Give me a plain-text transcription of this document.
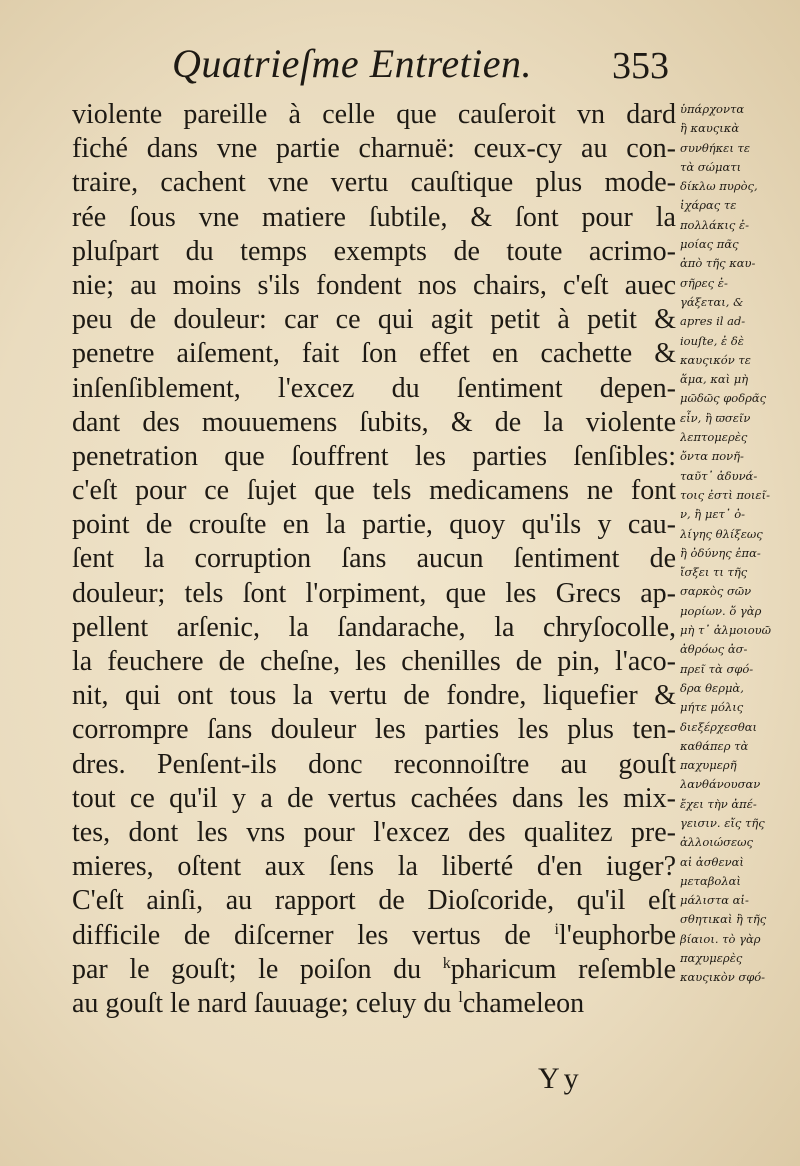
Quatrieſme Entretien. 353
violente pareille à celle que cauſeroit vn dard
fiché dans vne partie charnuë: ceux-cy au con-
traire, cachent vne vertu cauſtique plus mode-
rée ſous vne matiere ſubtile, & ſont pour la
pluſpart du temps exempts de toute acrimo-
nie; au moins s'ils fondent nos chairs, c'eſt auec
peu de douleur: car ce qui agit petit à petit &
penetre aiſement, fait ſon effet en cachette &
inſenſiblement, l'excez du ſentiment depen-
dant des mouuemens ſubits, & de la violente
penetration que ſouffrent les parties ſenſibles:
c'eſt pour ce ſujet que tels medicamens ne font
point de crouſte en la partie, quoy qu'ils y cau-
ſent la corruption ſans aucun ſentiment de
douleur; tels ſont l'orpiment, que les Grecs ap-
pellent arſenic, la ſandarache, la chryſocolle,
la feuchere de cheſne, les chenilles de pin, l'aco-
nit, qui ont tous la vertu de fondre, liquefier &
corrompre ſans douleur les parties les plus ten-
dres. Penſent-ils donc reconnoiſtre au gouſt
tout ce qu'il y a de vertus cachées dans les mix-
tes, dont les vns pour l'excez des qualitez pre-
mieres, oſtent aux ſens la liberté d'en iuger?
C'eſt ainſi, au rapport de Dioſcoride, qu'il eſt
difficile de diſcerner les vertus de $^i$l'euphorbe
par le gouſt; le poiſon du $^k$pharicum reſemble
au gouſt le nard ſauuage; celuy du $^l$chameleon
ὑπάρχοντα
ἢ καυςικὰ
συνθήκει τε
τὰ σώματι
δίκλω πυρὸς,
ἰχάρας τε
πολλάκις ἐ-
μοίας πᾶς
ἀπὸ τῆς καυ-
σῆρες ἐ-
γάξεται, &
apres il ad-
iouſte, ἐ δὲ
καυςικόν τε
ἅμα, καὶ μὴ
μῶδῶς φοδρᾶς
εἶν, ἢ ϖσεῖν
λεπτομερὲς
ὄντα πονῆ-
ταῦτ᾽ ἀδυνά-
τοις ἐστὶ ποιεῖ-
ν, ἢ μετ᾽ ὀ-
λίγης θλίξεως
ἢ ὀδύνης ἐπα-
ἴσξει τι τῆς
σαρκὸς σῶν
μορίων. ὅ γὰρ
μὴ τ᾽ ἀλμοιουῶ
ἀθρόως ἀσ-
πρεῖ τὰ σφό-
δρα θερμὰ,
μήτε μόλις
διεξέρχεσθαι
καθάπερ τὰ
παχυμερῆ
λανθάνουσαν
ἔχει τὴν ἀπέ-
γεισιν. εἴς τῆς
ἀλλοιώσεως
αἱ ἀσθεναὶ
μεταβολαὶ
μάλιστα αἰ-
σθητικαὶ ἢ τῆς
βίαιοι. τὸ γὰρ
παχυμερὲς
καυςικὸν σφό-
Yy
